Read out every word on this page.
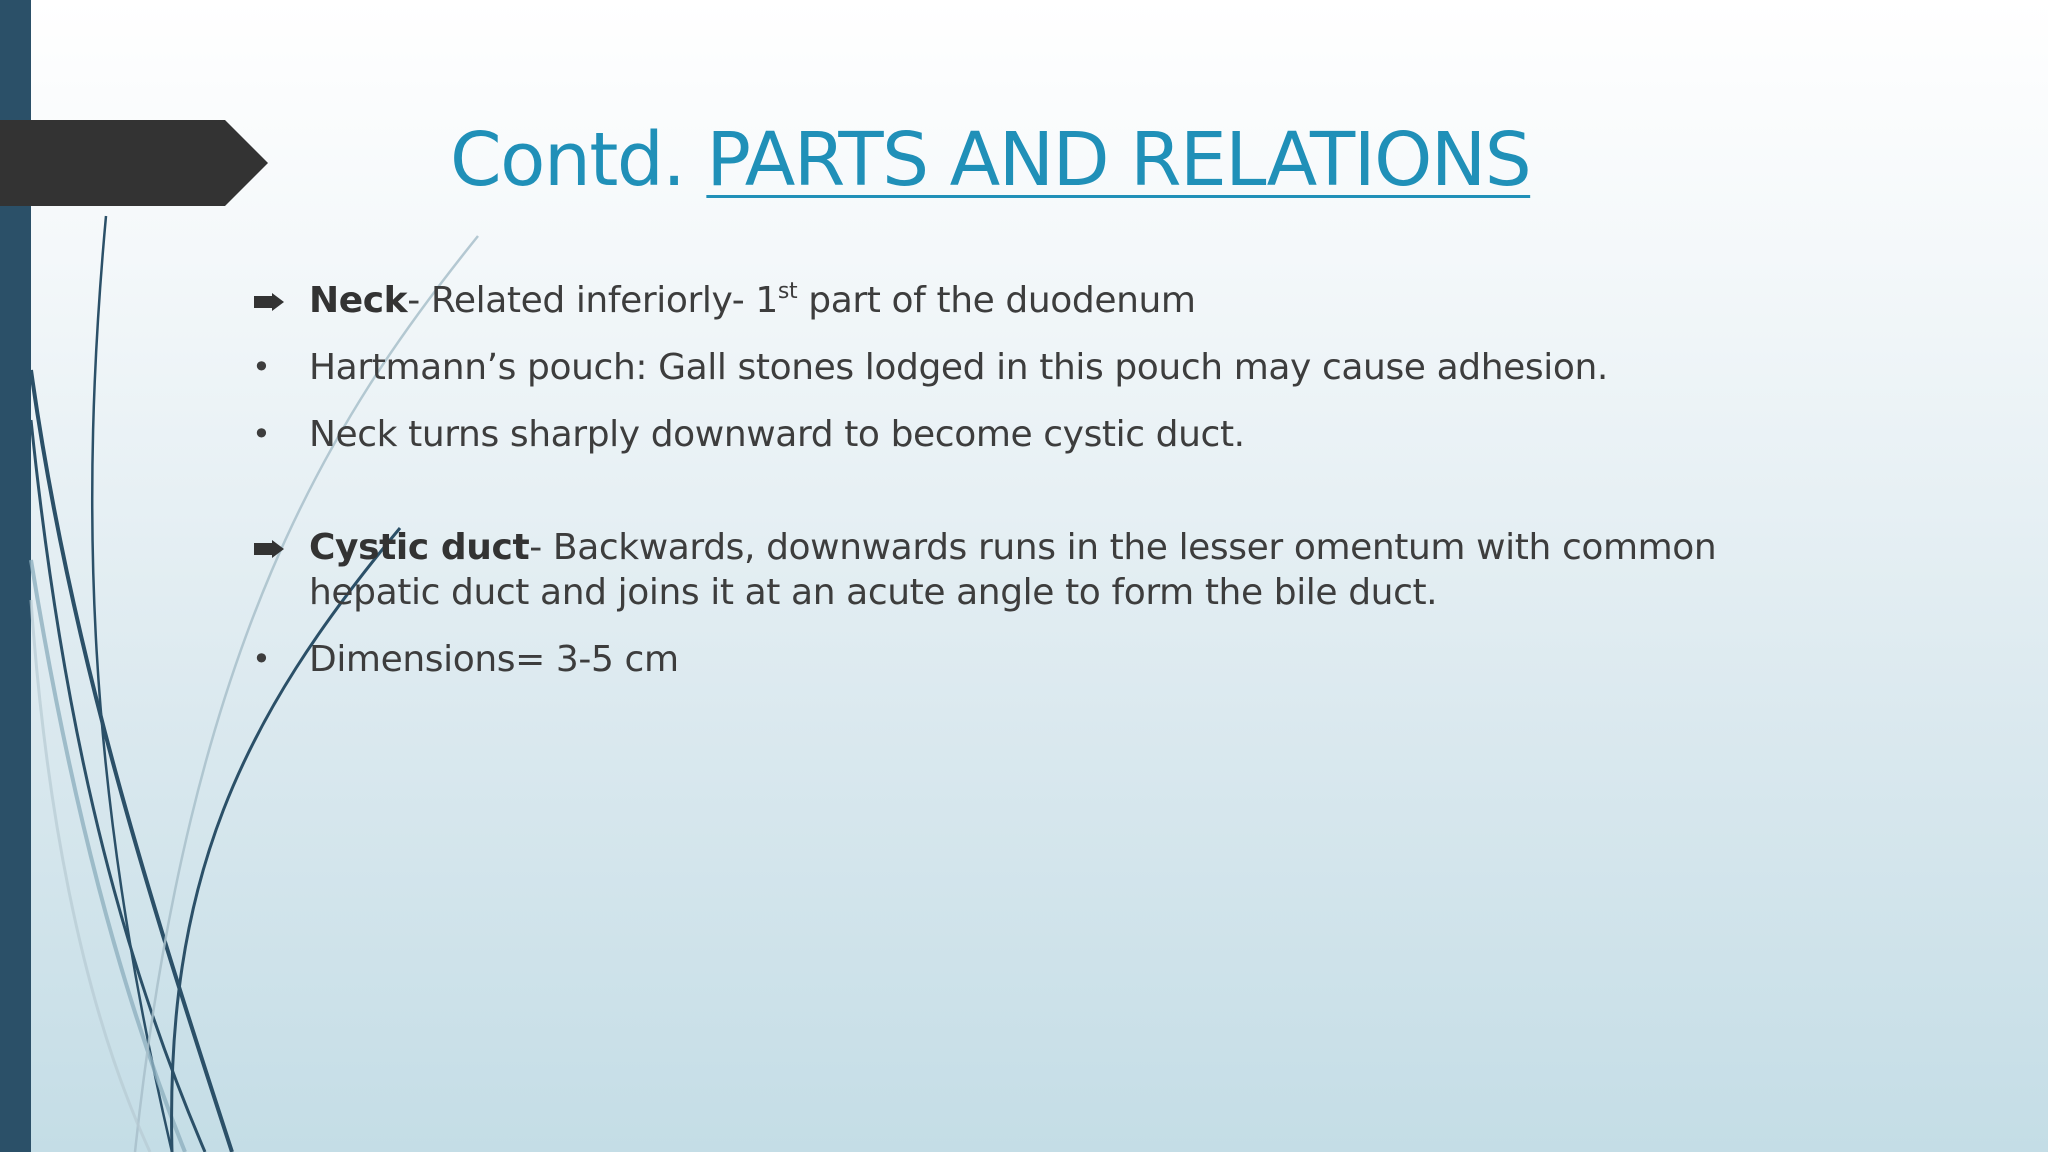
Contd. PARTS AND RELATIONS
Neck- Related inferiorly- 1st part of the duodenum
• Hartmann’s pouch: Gall stones lodged in this pouch may cause adhesion.
• Neck turns sharply downward to become cystic duct.
Cystic duct- Backwards, downwards runs in the lesser omentum with common hepatic duct and joins it at an acute angle to form the bile duct.
• Dimensions= 3-5 cm
